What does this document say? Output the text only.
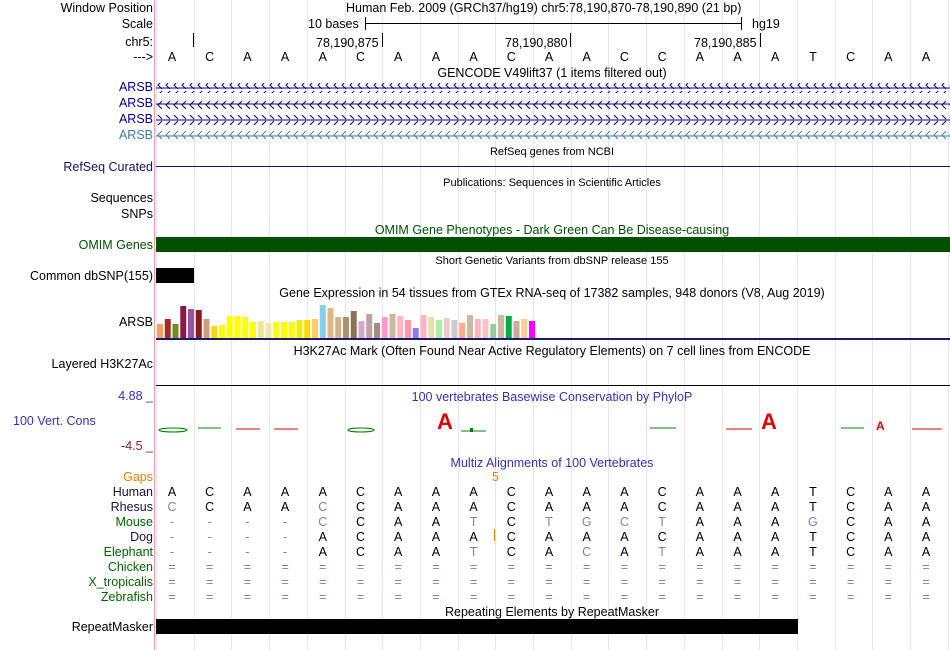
Window Position	Human Feb. 2009 (GRCh37/hg19) chr5:78,190,870-78,190,890 (21 bp)
Scale	10 bases	hg19
chr5:	78,190,875	78,190,880	78,190,885
--->	A	C	A	A	A	C	A	A	A	C	A	A	C	C	A	A	A	T	C	A	A
GENCODE V49lift37 (1 items filtered out)
ARSB
ARSB
ARSB
ARSB
RefSeq genes from NCBI
RefSeq Curated
Publications: Sequences in Scientific Articles
Sequences
SNPs
OMIM Gene Phenotypes - Dark Green Can Be Disease-causing
OMIM Genes
Short Genetic Variants from dbSNP release 155
Common dbSNP(155)
Gene Expression in 54 tissues from GTEx RNA-seq of 17382 samples, 948 donors (V8, Aug 2019)
ARSB
H3K27Ac Mark (Often Found Near Active Regulatory Elements) on 7 cell lines from ENCODE
Layered H3K27Ac
100 vertebrates Basewise Conservation by PhyloP
4.88 _
100 Vert. Cons
-4.5 _
A	A	A
Multiz Alignments of 100 Vertebrates
Gaps	5
Human	A	C	A	A	A	C	A	A	A	C	A	A	A	C	A	A	A	T	C	A	A
Rhesus	C	C	A	A	C	C	A	A	A	C	A	A	A	C	A	A	A	T	C	A	A
Mouse	-	-	-	-	C	C	A	A	T	C	T	G	C	T	A	A	A	G	C	A	A
Dog	-	-	-	-	A	C	A	A	A	C	A	A	A	C	A	A	A	T	C	A	A
Elephant	-	-	-	-	A	C	A	A	T	C	A	C	A	T	A	A	A	T	C	A	A
Chicken	=	=	=	=	=	=	=	=	=	=	=	=	=	=	=	=	=	=	=	=	=
X_tropicalis	=	=	=	=	=	=	=	=	=	=	=	=	=	=	=	=	=	=	=	=	=
Zebrafish	=	=	=	=	=	=	=	=	=	=	=	=	=	=	=	=	=	=	=	=	=
Repeating Elements by RepeatMasker
RepeatMasker
